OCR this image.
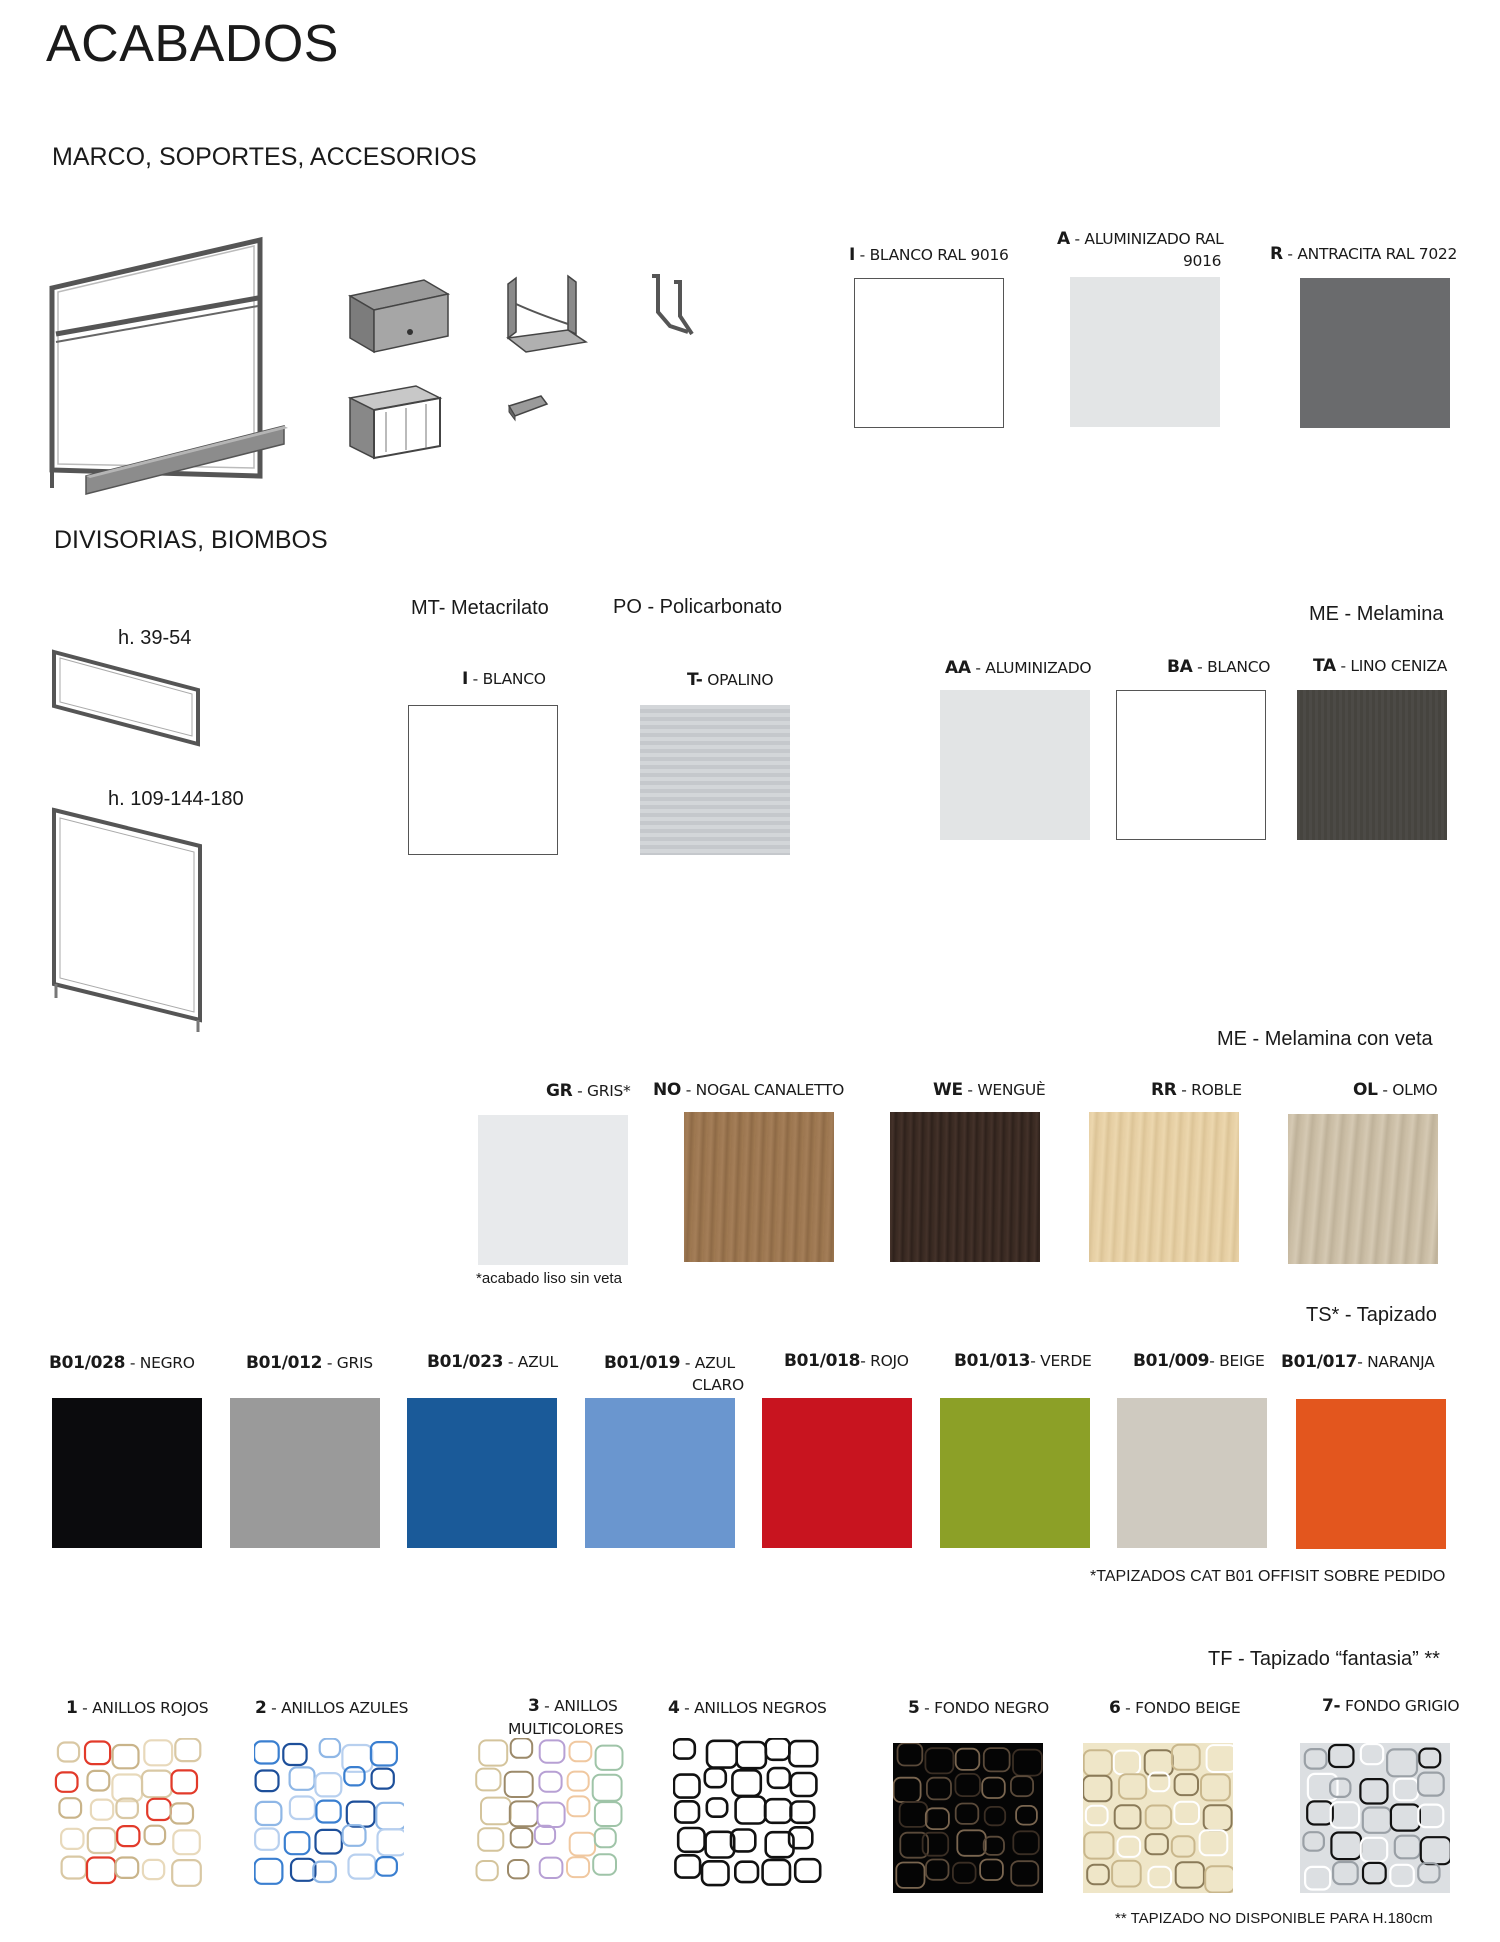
ACABADOS
MARCO, SOPORTES, ACCESORIOS
I - BLANCO RAL 9016
A - ALUMINIZADO RAL
9016	R - ANTRACITA RAL 7022
DIVISORIAS, BIOMBOS
h. 39-54
h. 109-144-180
MT- Metacrilato	PO - Policarbonato
I - BLANCO	T- OPALINO
ME - Melamina
AA - ALUMINIZADO	BA - BLANCO	TA - LINO CENIZA
ME - Melamina con veta
GR - GRIS*
*acabado liso sin veta
NO - NOGAL CANALETTO	WE - WENGUÈ	RR - ROBLE	OL - OLMO
TS* - Tapizado
B01/028 - NEGRO	B01/012 - GRIS	B01/023 - AZUL	B01/019 - AZUL
CLARO
B01/018- ROJO	B01/013- VERDE B01/009- BEIGE B01/017- NARANJA
*TAPIZADOS CAT B01 OFFISIT SOBRE PEDIDO
TF - Tapizado “fantasia” **
1 - ANILLOS ROJOS	2 - ANILLOS AZULES	3 - ANILLOS
MULTICOLORES
4 - ANILLOS NEGROS	5 - FONDO NEGRO	6 - FONDO BEIGE	7- FONDO GRIGIO
** TAPIZADO NO DISPONIBLE PARA H.180cm
